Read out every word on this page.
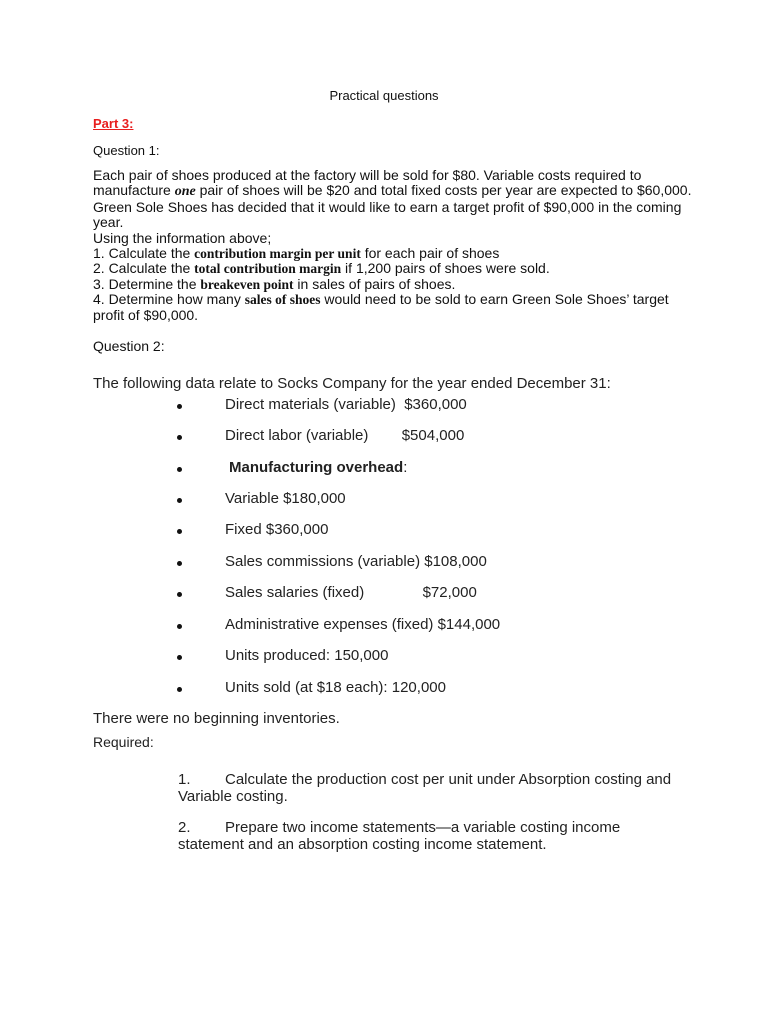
Practical questions
Part 3:
Question 1:

Each pair of shoes produced at the factory will be sold for $80. Variable costs required to manufacture one pair of shoes will be $20 and total fixed costs per year are expected to $60,000. Green Sole Shoes has decided that it would like to earn a target profit of $90,000 in the coming year.

Using the information above;

1. Calculate the contribution margin per unit for each pair of shoes

2. Calculate the total contribution margin if 1,200 pairs of shoes were sold.

3. Determine the breakeven point in sales of pairs of shoes.

4. Determine how many sales of shoes would need to be sold to earn Green Sole Shoes’ target profit of $90,000.

Question 2:
The following data relate to Socks Company for the year ended December 31:
Direct materials (variable)  $360,000
Direct labor (variable)        $504,000
Manufacturing overhead:
Variable $180,000
Fixed $360,000
Sales commissions (variable) $108,000
Sales salaries (fixed)              $72,000
Administrative expenses (fixed) $144,000
Units produced: 150,000
Units sold (at $18 each): 120,000
There were no beginning inventories.
Required:
1. Calculate the production cost per unit under Absorption costing and Variable costing.
2. Prepare two income statements—a variable costing income statement and an absorption costing income statement.
